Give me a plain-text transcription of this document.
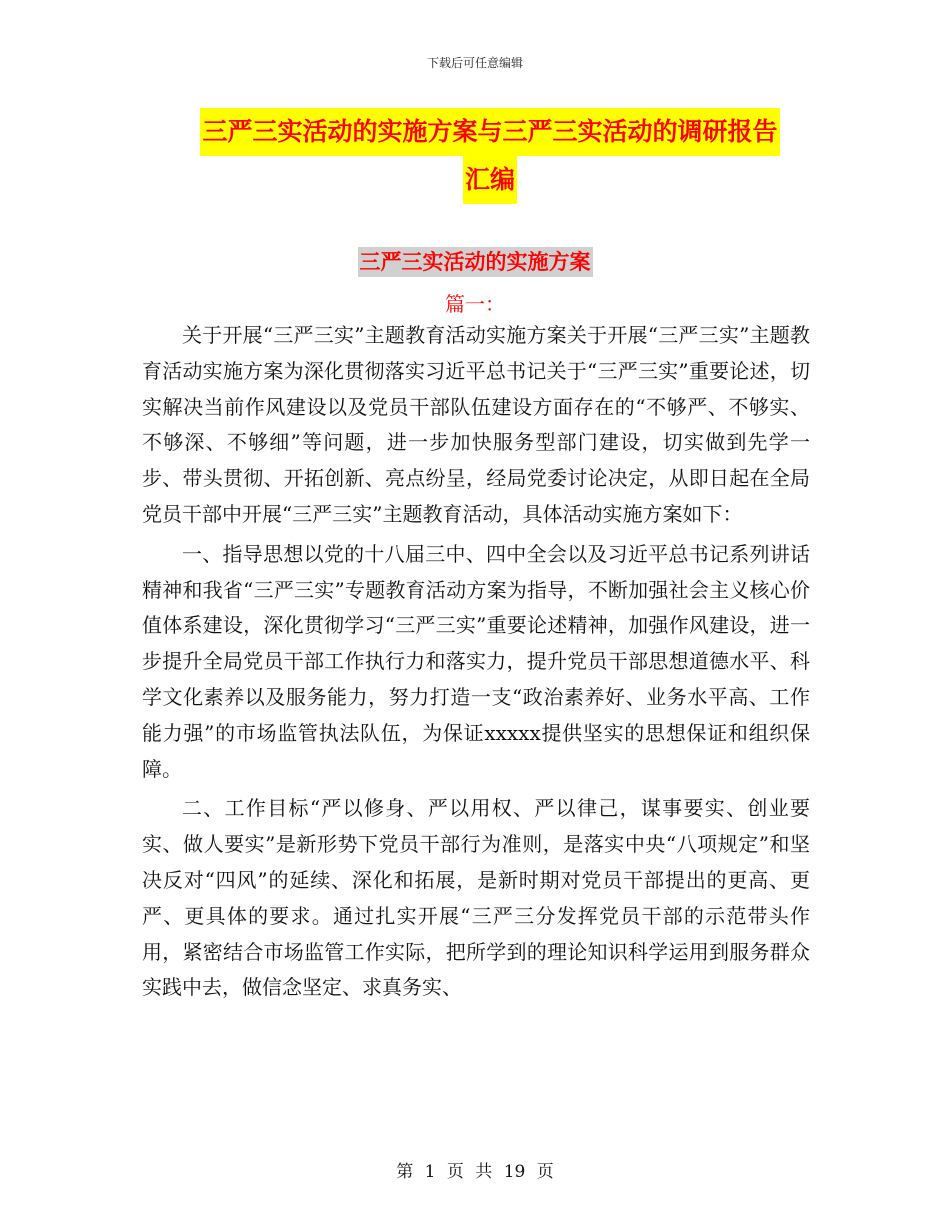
下载后可任意编辑
三严三实活动的实施方案与三严三实活动的调研报告
汇编
三严三实活动的实施方案
篇一：

关于开展“三严三实”主题教育活动实施方案关于开展“三严三实”主题教育活动实施方案为深化贯彻落实习近平总书记关于“三严三实”重要论述，切实解决当前作风建设以及党员干部队伍建设方面存在的“不够严、不够实、不够深、不够细”等问题，进一步加快服务型部门建设，切实做到先学一步、带头贯彻、开拓创新、亮点纷呈，经局党委讨论决定，从即日起在全局党员干部中开展“三严三实”主题教育活动，具体活动实施方案如下：

一、指导思想以党的十八届三中、四中全会以及习近平总书记系列讲话精神和我省“三严三实”专题教育活动方案为指导，不断加强社会主义核心价值体系建设，深化贯彻学习“三严三实”重要论述精神，加强作风建设，进一步提升全局党员干部工作执行力和落实力，提升党员干部思想道德水平、科学文化素养以及服务能力，努力打造一支“政治素养好、业务水平高、工作能力强”的市场监管执法队伍，为保证xxxxx提供坚实的思想保证和组织保障。

二、工作目标“严以修身、严以用权、严以律己，谋事要实、创业要实、做人要实”是新形势下党员干部行为准则，是落实中央“八项规定”和坚决反对“四风”的延续、深化和拓展，是新时期对党员干部提出的更高、更严、更具体的要求。通过扎实开展“三严三分发挥党员干部的示范带头作用，紧密结合市场监管工作实际，把所学到的理论知识科学运用到服务群众实践中去，做信念坚定、求真务实、

第 1 页 共 19 页
